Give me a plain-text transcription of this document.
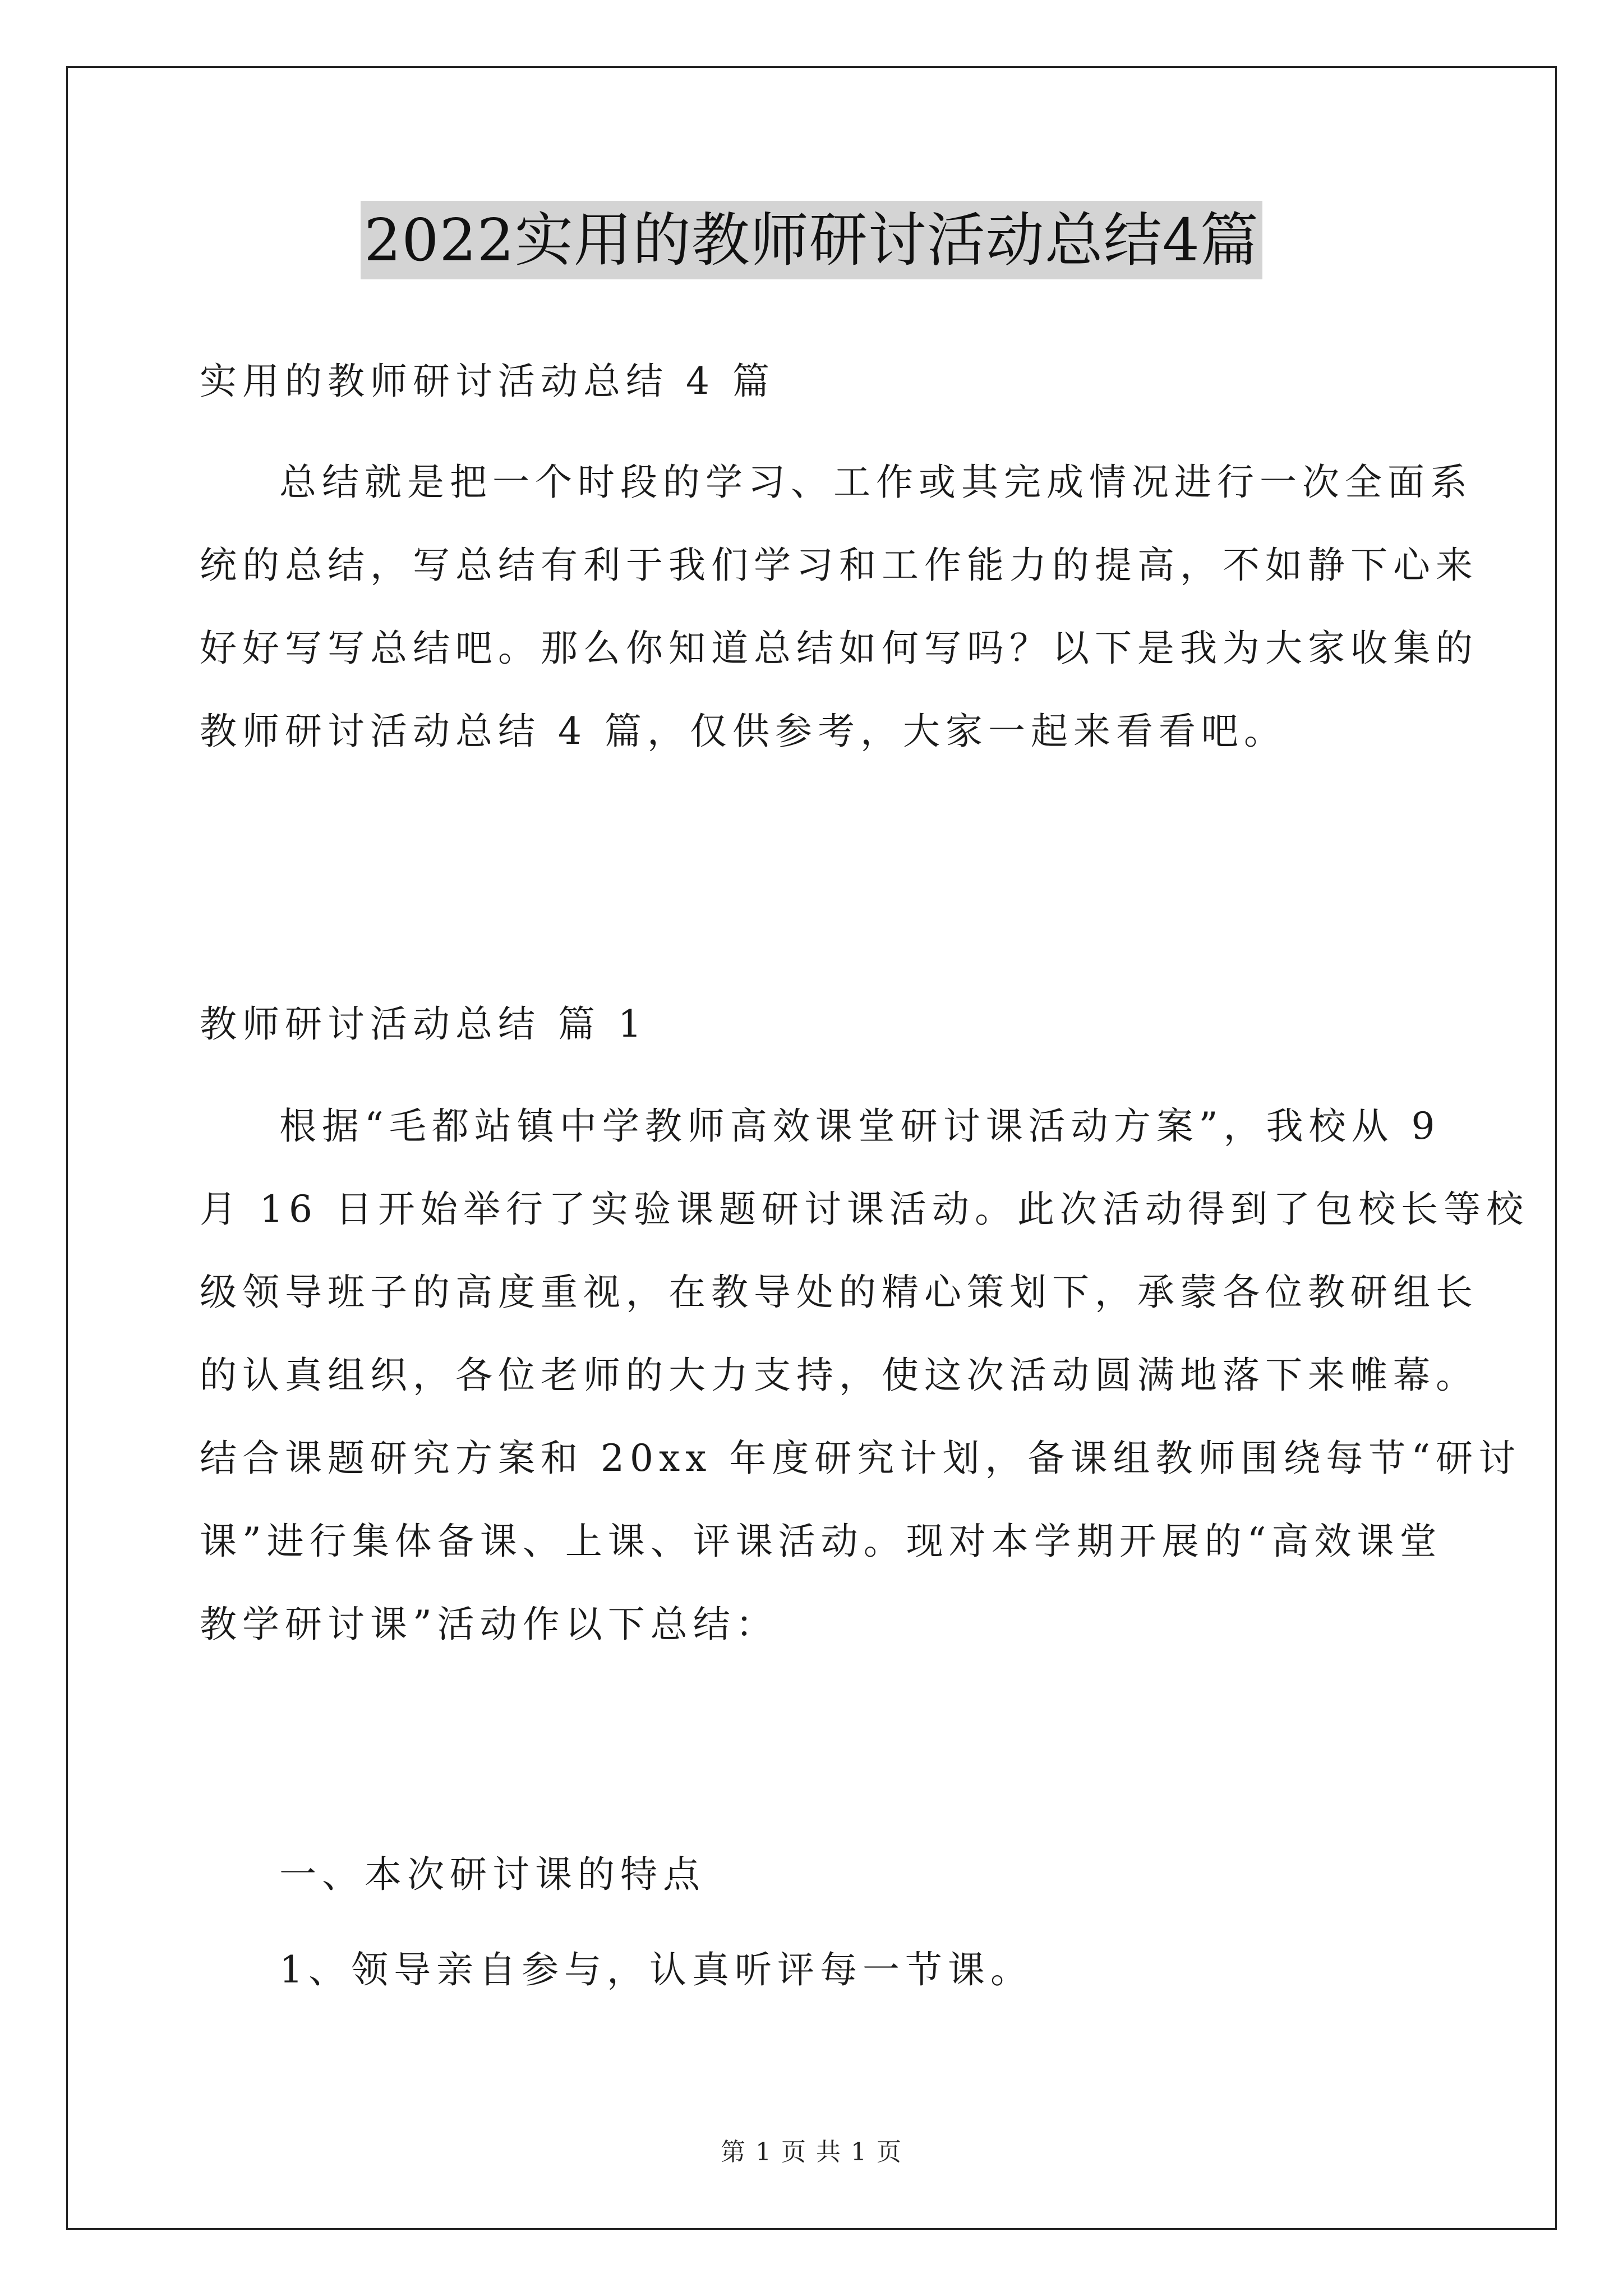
2022实用的教师研讨活动总结4篇

实用的教师研讨活动总结 4 篇

总结就是把一个时段的学习、工作或其完成情况进行一次全面系
统的总结，写总结有利于我们学习和工作能力的提高，不如静下心来
好好写写总结吧。那么你知道总结如何写吗？以下是我为大家收集的
教师研讨活动总结 4 篇，仅供参考，大家一起来看看吧。

教师研讨活动总结 篇 1

根据“毛都站镇中学教师高效课堂研讨课活动方案”，我校从 9
月 16 日开始举行了实验课题研讨课活动。此次活动得到了包校长等校
级领导班子的高度重视，在教导处的精心策划下，承蒙各位教研组长
的认真组织，各位老师的大力支持，使这次活动圆满地落下来帷幕。
结合课题研究方案和 20xx 年度研究计划，备课组教师围绕每节“研讨
课”进行集体备课、上课、评课活动。现对本学期开展的“高效课堂
教学研讨课”活动作以下总结：

一、本次研讨课的特点

1、领导亲自参与，认真听评每一节课。

第 1 页 共 1 页
